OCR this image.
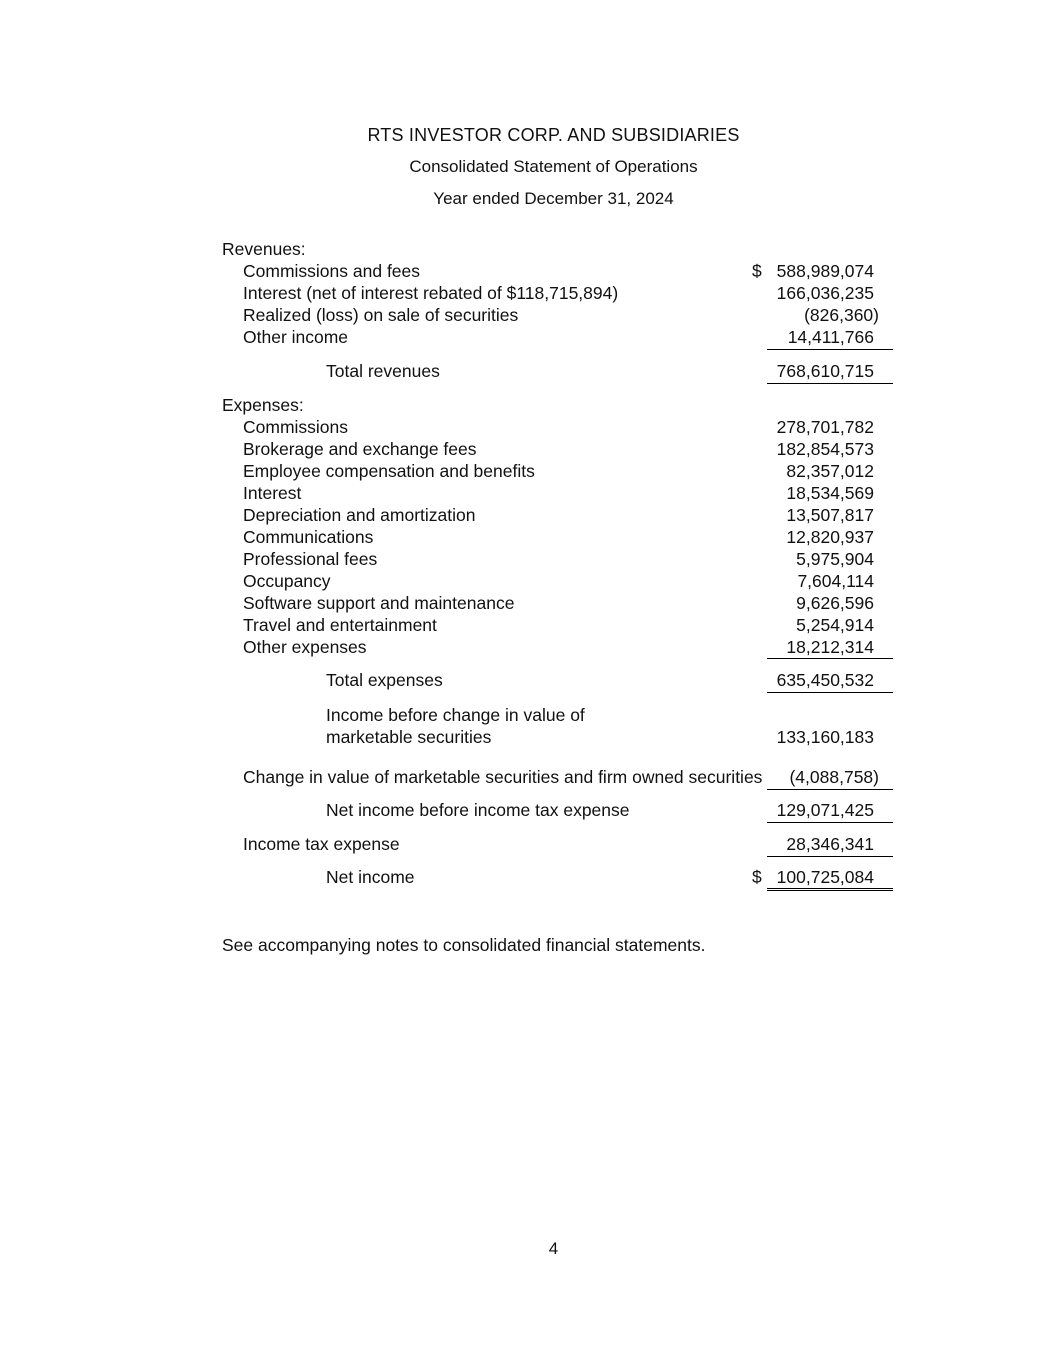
RTS INVESTOR CORP. AND SUBSIDIARIES
Consolidated Statement of Operations
Year ended December 31, 2024
Revenues:
Commissions and fees	$ 588,989,074
Interest (net of interest rebated of $118,715,894)	166,036,235
Realized (loss) on sale of securities	(826,360)
Other income	14,411,766
Total revenues	768,610,715
Expenses:
Commissions	278,701,782
Brokerage and exchange fees	182,854,573
Employee compensation and benefits	82,357,012
Interest	18,534,569
Depreciation and amortization	13,507,817
Communications	12,820,937
Professional fees	5,975,904
Occupancy	7,604,114
Software support and maintenance	9,626,596
Travel and entertainment	5,254,914
Other expenses	18,212,314
Total expenses	635,450,532
Income before change in value of
marketable securities	133,160,183
Change in value of marketable securities and firm owned securities (4,088,758)
Net income before income tax expense	129,071,425
Income tax expense	28,346,341
Net income	$ 100,725,084
See accompanying notes to consolidated financial statements.
4
